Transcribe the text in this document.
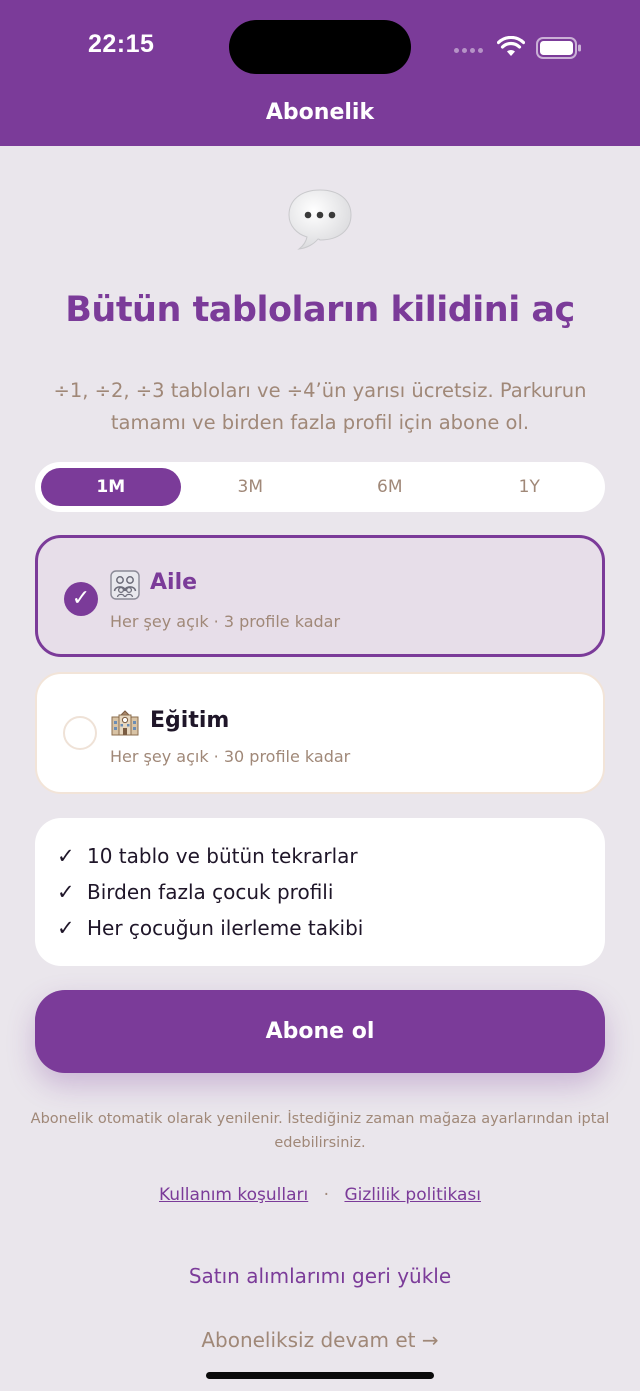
22:15
Abonelik
Bütün tabloların kilidini aç
÷1, ÷2, ÷3 tabloları ve ÷4’ün yarısı ücretsiz. Parkurun tamamı ve birden fazla profil için abone ol.
1M	3M	6M	1Y
✓
Aile
Her şey açık · 3 profile kadar
Eğitim
Her şey açık · 30 profile kadar
✓ 10 tablo ve bütün tekrarlar
✓ Birden fazla çocuk profili
✓ Her çocuğun ilerleme takibi
Abone ol
Abonelik otomatik olarak yenilenir. İstediğiniz zaman mağaza ayarlarından iptal edebilirsiniz.
Kullanım koşulları · Gizlilik politikası
Satın alımlarımı geri yükle
Aboneliksiz devam et →
